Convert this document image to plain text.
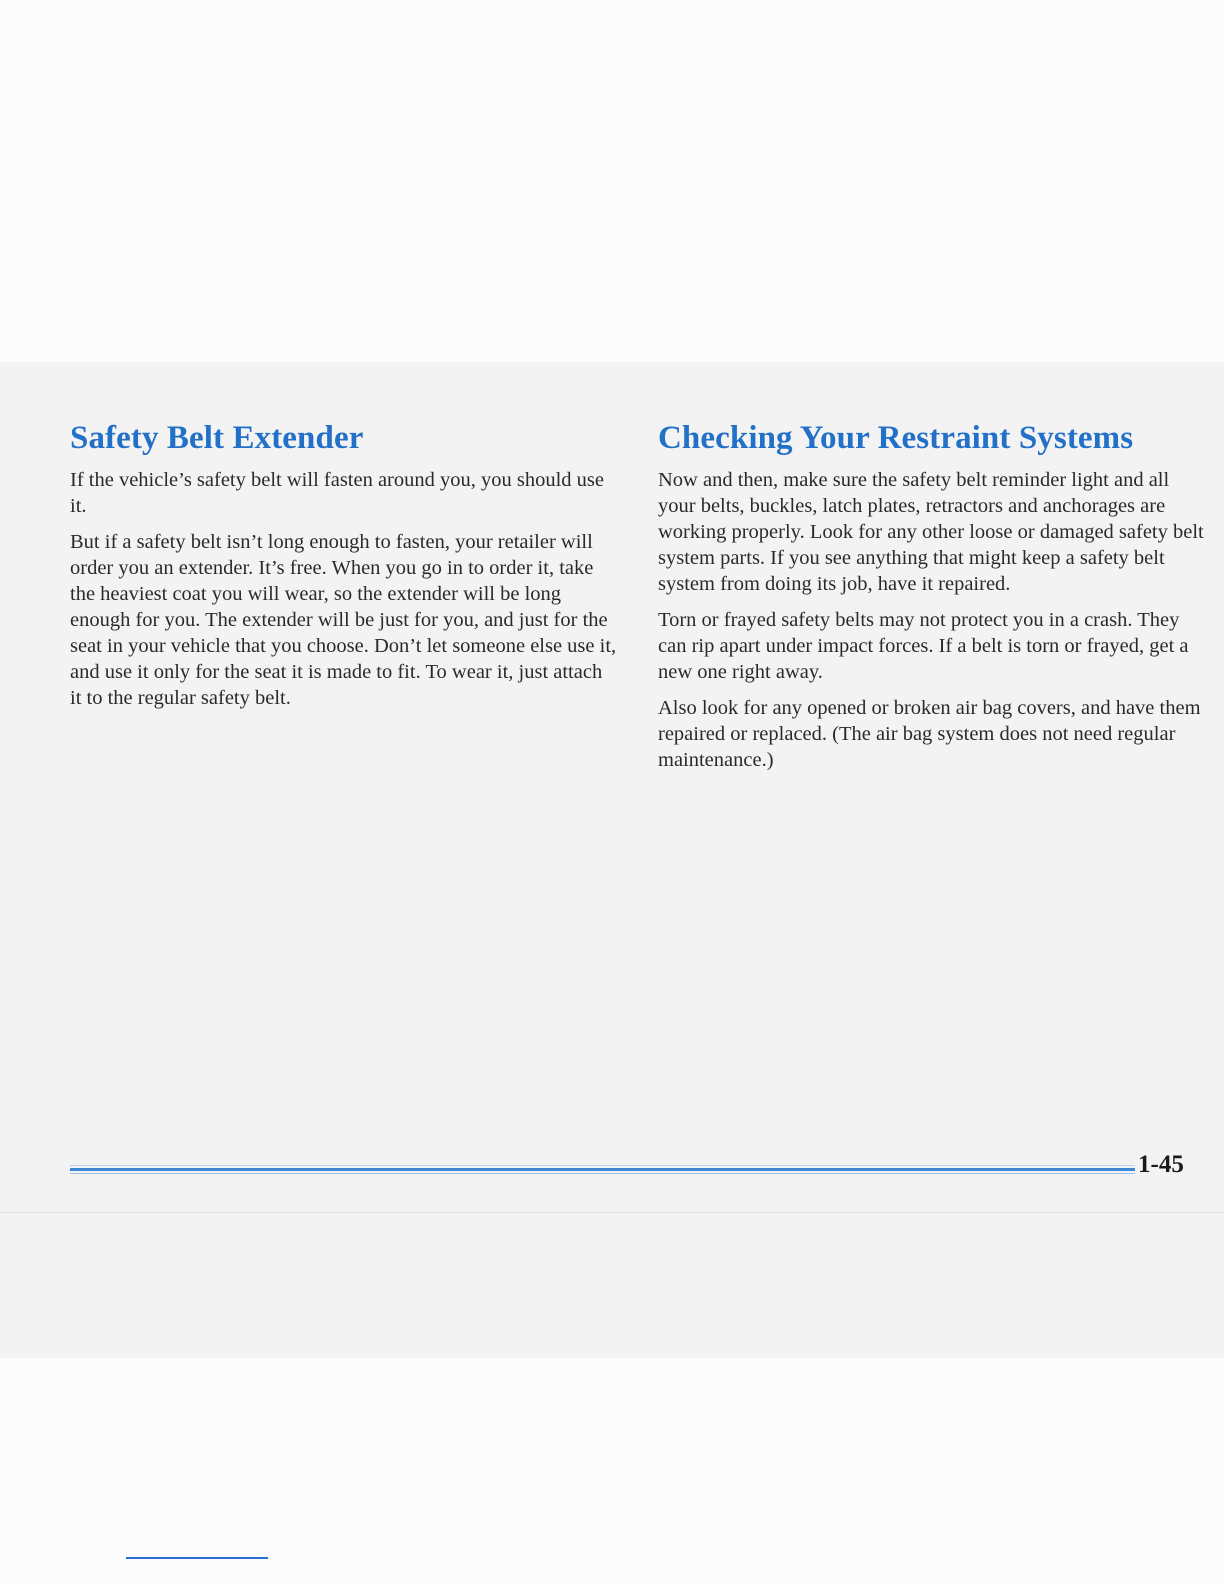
Safety Belt Extender

If the vehicle’s safety belt will fasten around you, you should use it.

But if a safety belt isn’t long enough to fasten, your retailer will order you an extender. It’s free. When you go in to order it, take the heaviest coat you will wear, so the extender will be long enough for you. The extender will be just for you, and just for the seat in your vehicle that you choose. Don’t let someone else use it, and use it only for the seat it is made to fit. To wear it, just attach it to the regular safety belt.

Checking Your Restraint Systems

Now and then, make sure the safety belt reminder light and all your belts, buckles, latch plates, retractors and anchorages are working properly. Look for any other loose or damaged safety belt system parts. If you see anything that might keep a safety belt system from doing its job, have it repaired.

Torn or frayed safety belts may not protect you in a crash. They can rip apart under impact forces. If a belt is torn or frayed, get a new one right away.

Also look for any opened or broken air bag covers, and have them repaired or replaced. (The air bag system does not need regular maintenance.)

1-45
